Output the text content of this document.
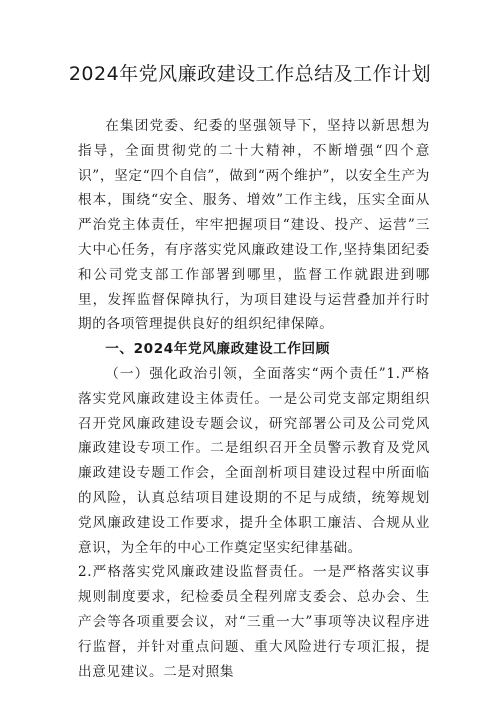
2024年党风廉政建设工作总结及工作计划

在集团党委、纪委的坚强领导下，坚持以新思想为指导，全面贯彻党的二十大精神，不断增强“四个意识”，坚定“四个自信”，做到“两个维护”，以安全生产为根本，围绕“安全、服务、增效”工作主线，压实全面从严治党主体责任，牢牢把握项目“建设、投产、运营”三大中心任务，有序落实党风廉政建设工作,坚持集团纪委和公司党支部工作部署到哪里，监督工作就跟进到哪里，发挥监督保障执行，为项目建设与运营叠加并行时期的各项管理提供良好的组织纪律保障。

一、2024年党风廉政建设工作回顾

（一）强化政治引领，全面落实“两个责任”1.严格落实党风廉政建设主体责任。一是公司党支部定期组织召开党风廉政建设专题会议，研究部署公司及公司党风廉政建设专项工作。二是组织召开全员警示教育及党风廉政建设专题工作会，全面剖析项目建设过程中所面临的风险，认真总结项目建设期的不足与成绩，统筹规划党风廉政建设工作要求，提升全体职工廉洁、合规从业意识，为全年的中心工作奠定坚实纪律基础。

2.严格落实党风廉政建设监督责任。一是严格落实议事规则制度要求，纪检委员全程列席支委会、总办会、生产会等各项重要会议，对“三重一大”事项等决议程序进行监督，并针对重点问题、重大风险进行专项汇报，提出意见建议。二是对照集
